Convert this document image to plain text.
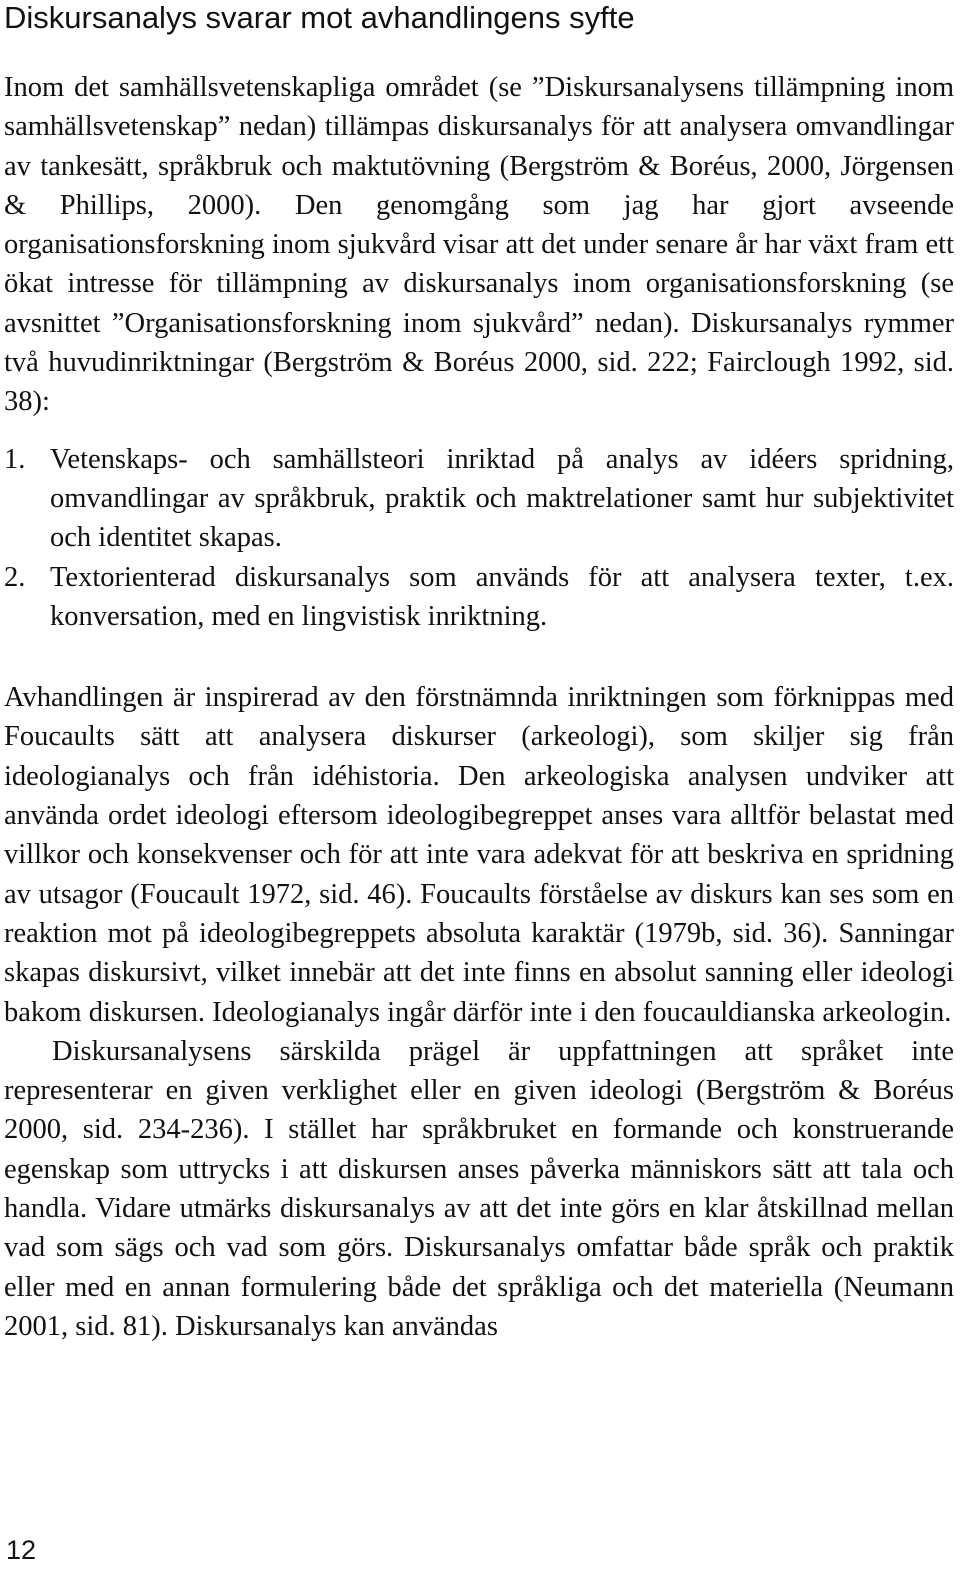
Diskursanalys svarar mot avhandlingens syfte

Inom det samhällsvetenskapliga området (se ”Diskursanalysens tillämpning inom samhällsvetenskap” nedan) tillämpas diskursanalys för att analysera omvandlingar av tankesätt, språkbruk och maktutövning (Bergström & Boréus, 2000, Jörgensen & Phillips, 2000). Den genomgång som jag har gjort avseende organisationsforskning inom sjukvård visar att det under senare år har växt fram ett ökat intresse för tillämpning av diskursanalys inom organisationsforskning (se avsnittet ”Organisationsforskning inom sjukvård” nedan). Diskursanalys rymmer två huvudinriktningar (Bergström & Boréus 2000, sid. 222; Fairclough 1992, sid. 38):

1. Vetenskaps- och samhällsteori inriktad på analys av idéers spridning, omvandlingar av språkbruk, praktik och maktrelationer samt hur subjektivitet och identitet skapas.
2. Textorienterad diskursanalys som används för att analysera texter, t.ex. konversation, med en lingvistisk inriktning.

Avhandlingen är inspirerad av den förstnämnda inriktningen som förknippas med Foucaults sätt att analysera diskurser (arkeologi), som skiljer sig från ideologianalys och från idéhistoria. Den arkeologiska analysen undviker att använda ordet ideologi eftersom ideologibegreppet anses vara alltför belastat med villkor och konsekvenser och för att inte vara adekvat för att beskriva en spridning av utsagor (Foucault 1972, sid. 46). Foucaults förståelse av diskurs kan ses som en reaktion mot på ideologibegreppets absoluta karaktär (1979b, sid. 36). Sanningar skapas diskursivt, vilket innebär att det inte finns en absolut sanning eller ideologi bakom diskursen. Ideologianalys ingår därför inte i den foucauldianska arkeologin.

Diskursanalysens särskilda prägel är uppfattningen att språket inte representerar en given verklighet eller en given ideologi (Bergström & Boréus 2000, sid. 234-236). I stället har språkbruket en formande och konstruerande egenskap som uttrycks i att diskursen anses påverka människors sätt att tala och handla. Vidare utmärks diskursanalys av att det inte görs en klar åtskillnad mellan vad som sägs och vad som görs. Diskursanalys omfattar både språk och praktik eller med en annan formulering både det språkliga och det materiella (Neumann 2001, sid. 81). Diskursanalys kan användas

12
